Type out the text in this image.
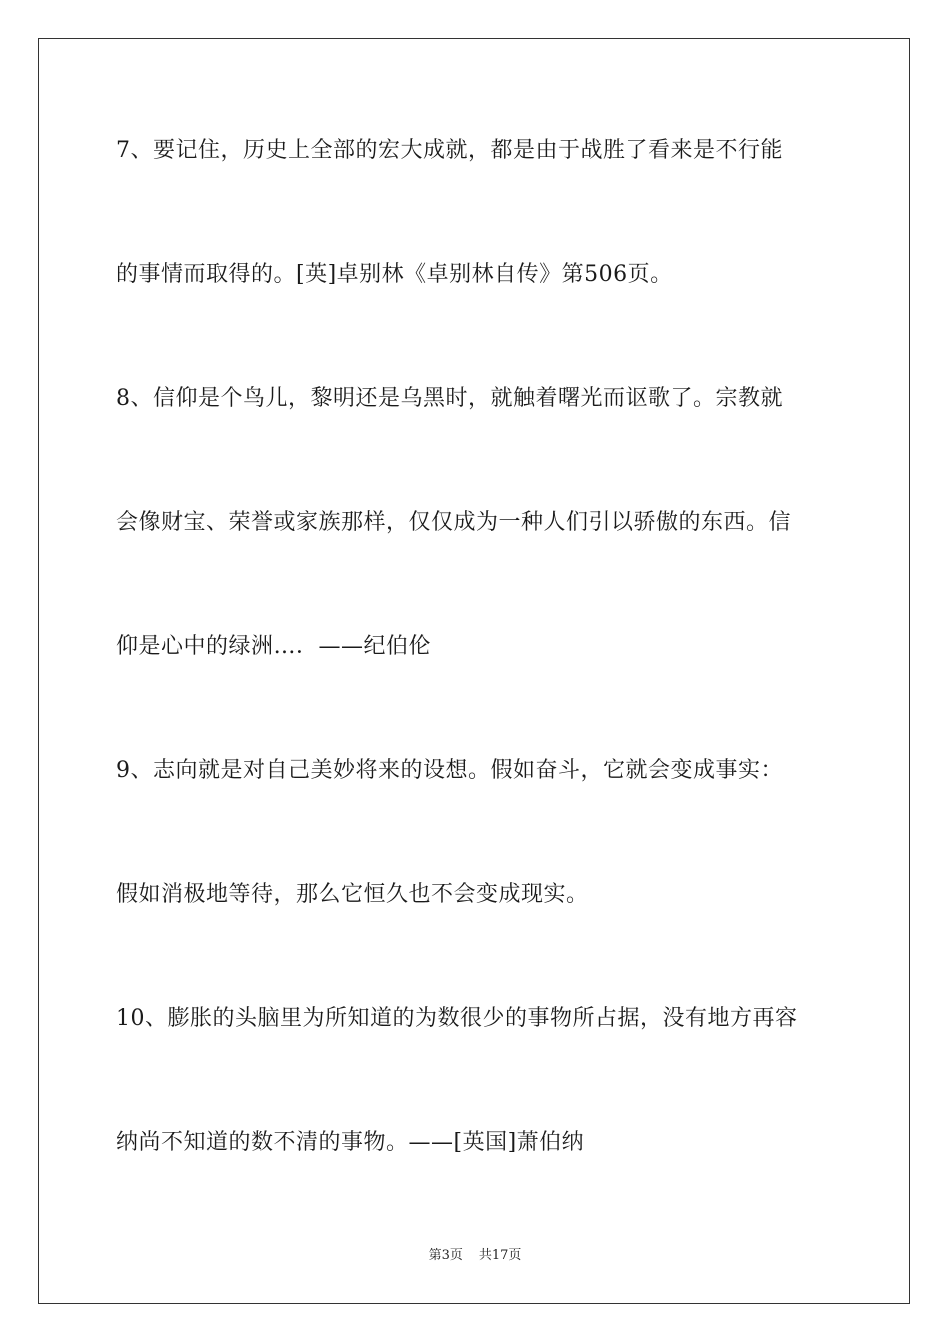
7、要记住，历史上全部的宏大成就，都是由于战胜了看来是不行能
的事情而取得的。[英]卓别林《卓别林自传》第506页。
8、信仰是个鸟儿，黎明还是乌黑时，就触着曙光而讴歌了。宗教就
会像财宝、荣誉或家族那样，仅仅成为一种人们引以骄傲的东西。信
仰是心中的绿洲…．——纪伯伦
9、志向就是对自己美妙将来的设想。假如奋斗，它就会变成事实：
假如消极地等待，那么它恒久也不会变成现实。
10、膨胀的头脑里为所知道的为数很少的事物所占据，没有地方再容
纳尚不知道的数不清的事物。——[英国]萧伯纳
第3页 共17页
